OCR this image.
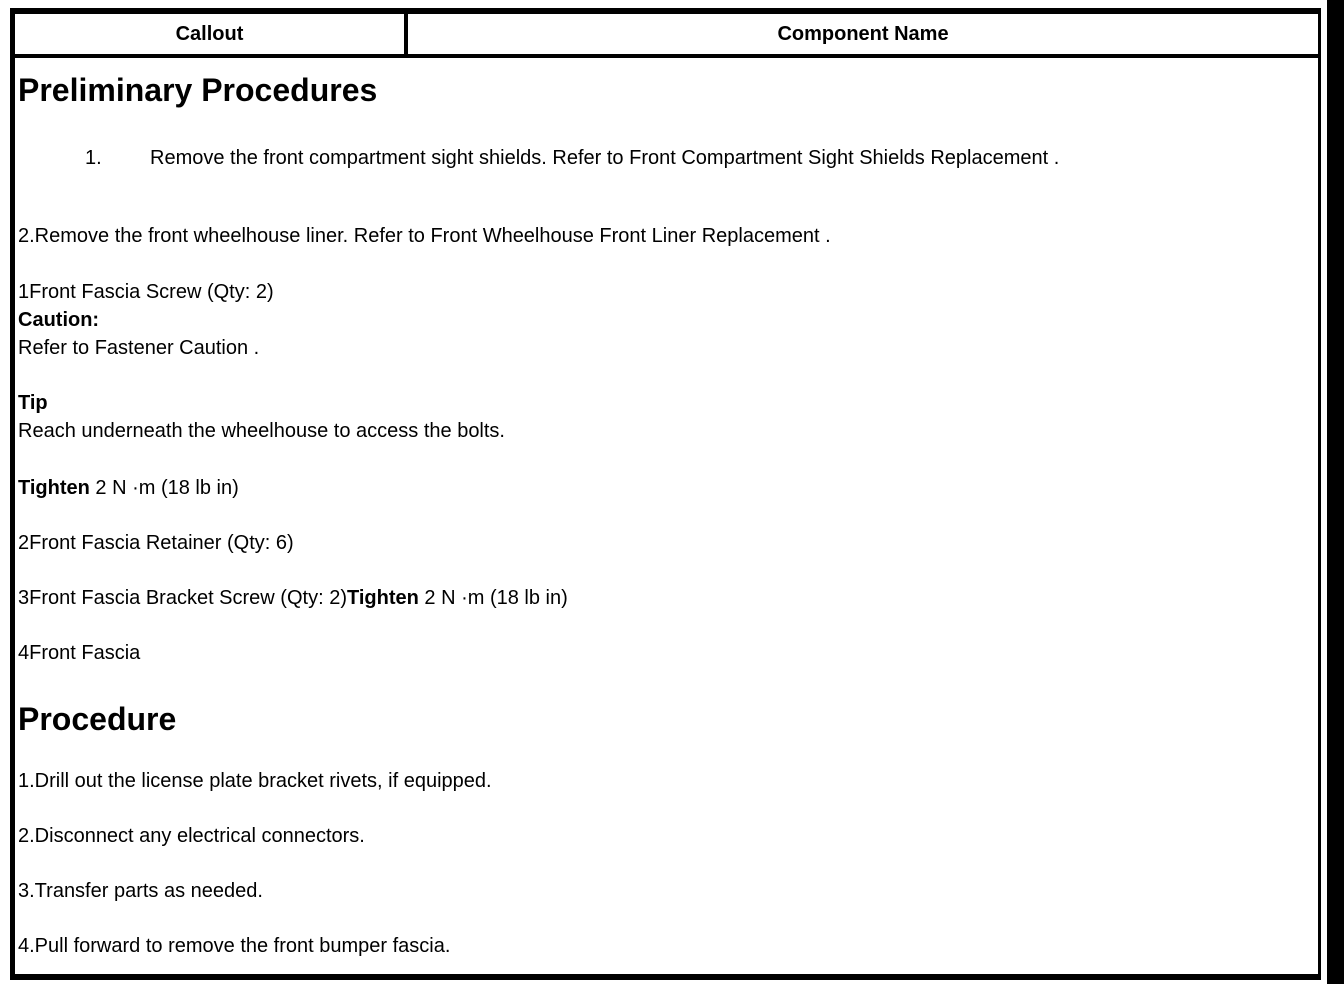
Callout	Component Name
Preliminary Procedures
1. Remove the front compartment sight shields. Refer to Front Compartment Sight Shields Replacement .
2.Remove the front wheelhouse liner. Refer to Front Wheelhouse Front Liner Replacement .
1Front Fascia Screw (Qty: 2)
Caution:
Refer to Fastener Caution .
Tip
Reach underneath the wheelhouse to access the bolts.
Tighten 2 N ·m (18 lb in)
2Front Fascia Retainer (Qty: 6)
3Front Fascia Bracket Screw (Qty: 2)Tighten 2 N ·m (18 lb in)
4Front Fascia
Procedure
1.Drill out the license plate bracket rivets, if equipped.
2.Disconnect any electrical connectors.
3.Transfer parts as needed.
4.Pull forward to remove the front bumper fascia.
